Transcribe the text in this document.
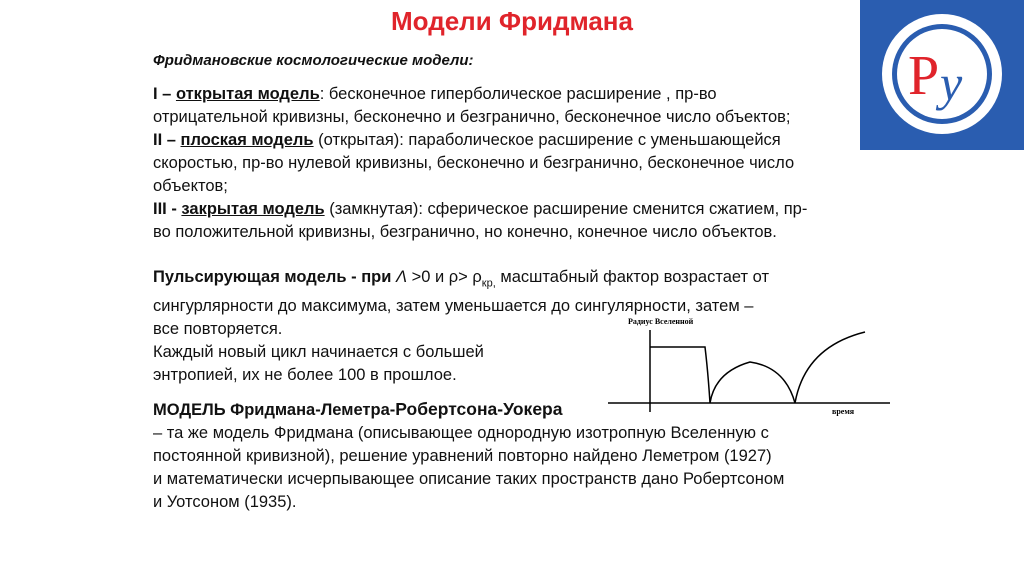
Модели Фридмана
Р у
Фридмановские космологические модели:
I – открытая модель: бесконечное гиперболическое расширение , пр-во
отрицательной кривизны, бесконечно и безгранично, бесконечное число объектов;
II – плоская модель (открытая): параболическое расширение с уменьшающейся
скоростью, пр-во нулевой кривизны, бесконечно и безгранично, бесконечное число
объектов;
III - закрытая модель (замкнутая): сферическое расширение сменится сжатием, пр-
во положительной кривизны, безгранично, но конечно, конечное число объектов.
Пульсирующая модель - при Λ >0 и $\rho> \rho_{кр,}$ масштабный фактор возрастает от
сингурлярности до максимума, затем уменьшается до сингулярности, затем –
все повторяется.
Каждый новый цикл начинается с большей
энтропией, их не более 100 в прошлое.
Радиус Вселенной
время
МОДЕЛЬ Фридмана-Леметра-Робертсона-Уокера
– та же модель Фридмана (описывающее однородную изотропную Вселенную с
постоянной кривизной), решение уравнений повторно найдено Леметром (1927)
и математически исчерпывающее описание таких пространств дано Робертсоном
и Уотсоном (1935).
